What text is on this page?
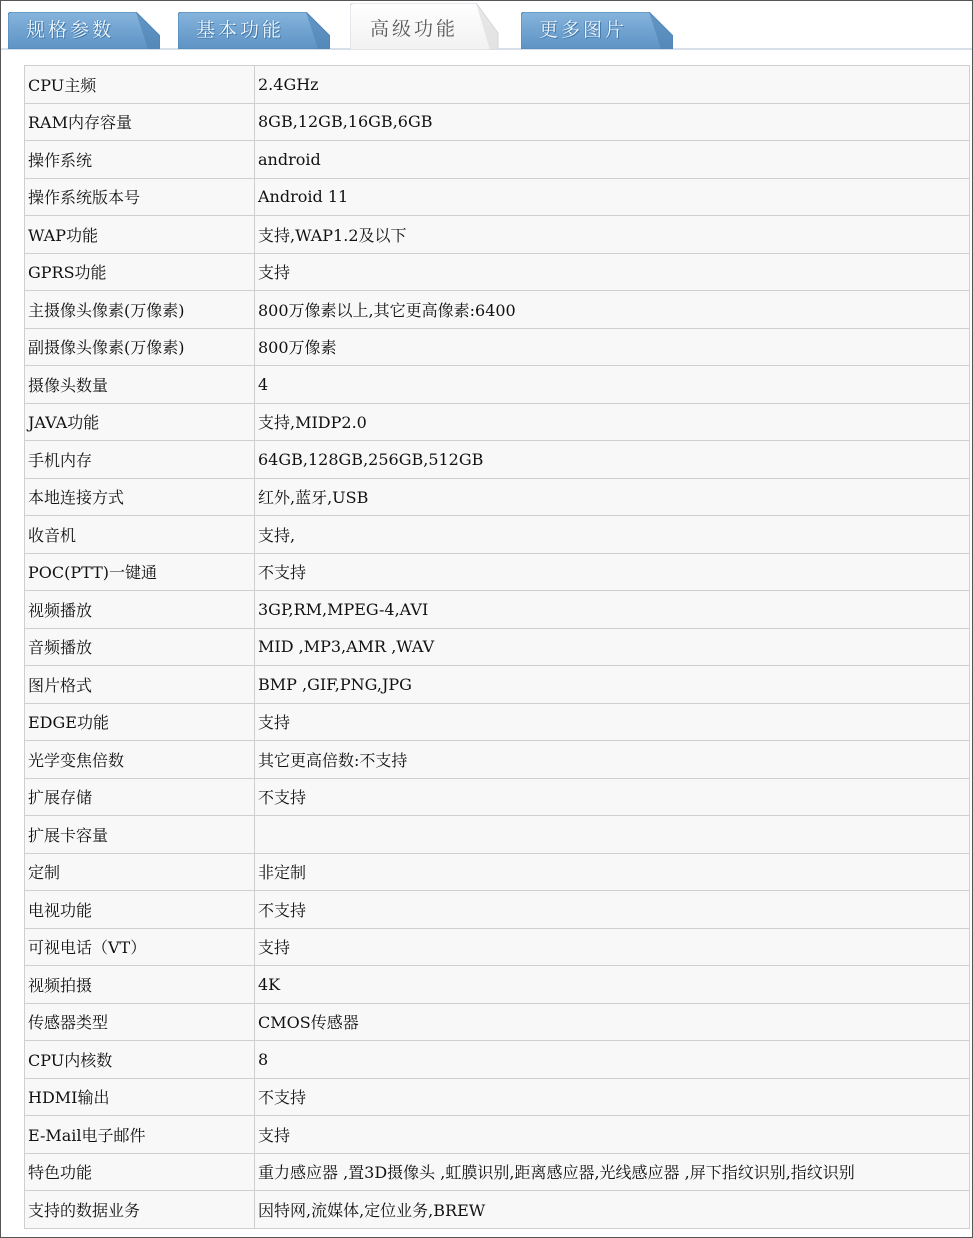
规格参数	基本功能	高级功能	更多图片
CPU主频	2.4GHz
RAM内存容量	8GB,12GB,16GB,6GB
操作系统	android
操作系统版本号	Android 11
WAP功能	支持,WAP1.2及以下
GPRS功能	支持
主摄像头像素(万像素)	800万像素以上,其它更高像素:6400
副摄像头像素(万像素)	800万像素
摄像头数量	4
JAVA功能	支持,MIDP2.0
手机内存	64GB,128GB,256GB,512GB
本地连接方式	红外,蓝牙,USB
收音机	支持,
POC(PTT)一键通	不支持
视频播放	3GP,RM,MPEG-4,AVI
音频播放	MID ,MP3,AMR ,WAV
图片格式	BMP ,GIF,PNG,JPG
EDGE功能	支持
光学变焦倍数	其它更高倍数:不支持
扩展存储	不支持
扩展卡容量	
定制	非定制
电视功能	不支持
可视电话（VT）	支持
视频拍摄	4K
传感器类型	CMOS传感器
CPU内核数	8
HDMI输出	不支持
E-Mail电子邮件	支持
特色功能	重力感应器 ,置3D摄像头 ,虹膜识别,距离感应器,光线感应器 ,屏下指纹识别,指纹识别
支持的数据业务	因特网,流媒体,定位业务,BREW
